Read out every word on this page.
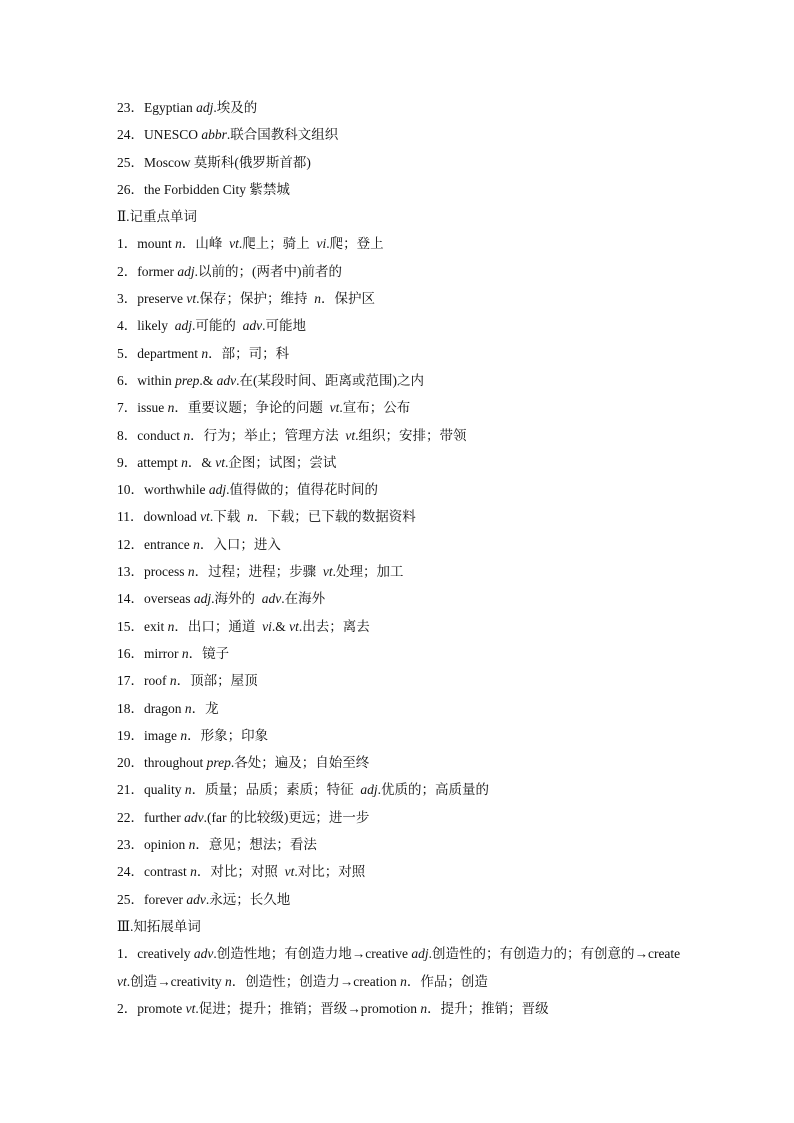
23．Egyptian adj.埃及的
24．UNESCO abbr.联合国教科文组织
25．Moscow 莫斯科(俄罗斯首都)
26．the Forbidden City 紫禁城
Ⅱ.记重点单词
1．mount n．山峰  vt.爬上；骑上  vi.爬；登上
2．former adj.以前的；(两者中)前者的
3．preserve vt.保存；保护；维持  n．保护区
4．likely  adj.可能的  adv.可能地
5．department n．部；司；科
6．within prep.& adv.在(某段时间、距离或范围)之内
7．issue n．重要议题；争论的问题  vt.宣布；公布
8．conduct n．行为；举止；管理方法  vt.组织；安排；带领
9．attempt n．& vt.企图；试图；尝试
10．worthwhile adj.值得做的；值得花时间的
11．download vt.下载  n．下载；已下载的数据资料
12．entrance n．入口；进入
13．process n．过程；进程；步骤  vt.处理；加工
14．overseas adj.海外的  adv.在海外
15．exit n．出口；通道  vi.& vt.出去；离去
16．mirror n．镜子
17．roof n．顶部；屋顶
18．dragon n．龙
19．image n．形象；印象
20．throughout prep.各处；遍及；自始至终
21．quality n．质量；品质；素质；特征  adj.优质的；高质量的
22．further adv.(far 的比较级)更远；进一步
23．opinion n．意见；想法；看法
24．contrast n．对比；对照  vt.对比；对照
25．forever adv.永远；长久地
Ⅲ.知拓展单词
1．creatively adv.创造性地；有创造力地→creative adj.创造性的；有创造力的；有创意的→create
vt.创造→creativity n．创造性；创造力→creation n．作品；创造
2．promote vt.促进；提升；推销；晋级→promotion n．提升；推销；晋级
